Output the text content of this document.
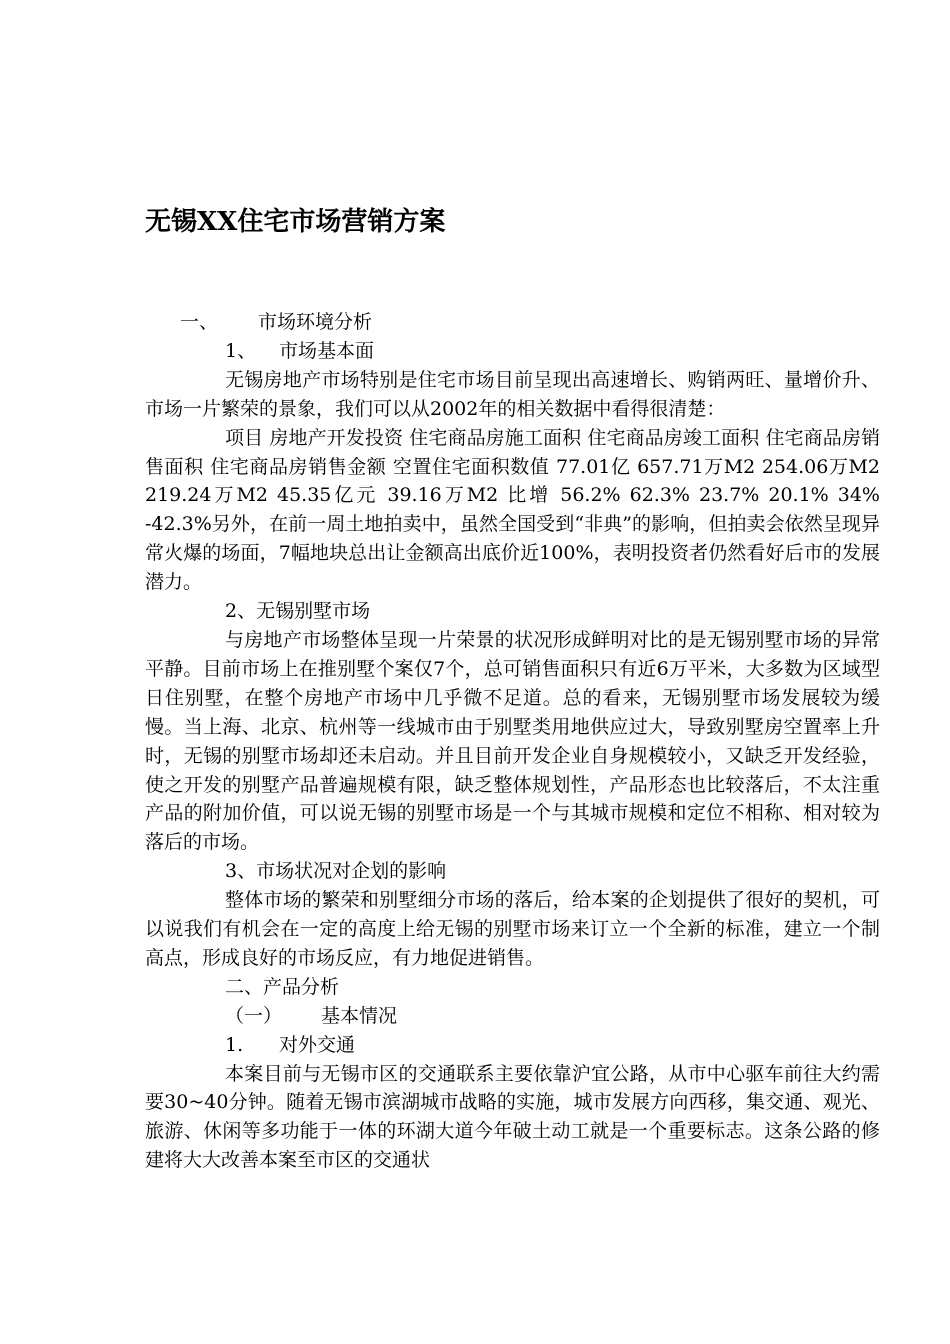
无锡XX住宅市场营销方案

一、 市场环境分析

1、 市场基本面

无锡房地产市场特别是住宅市场目前呈现出高速增长、购销两旺、量增价升、市场一片繁荣的景象，我们可以从2002年的相关数据中看得很清楚：

项目 房地产开发投资 住宅商品房施工面积 住宅商品房竣工面积 住宅商品房销售面积 住宅商品房销售金额 空置住宅面积数值 77.01亿 657.71万M2 254.06万M2 219.24万M2 45.35亿元 39.16万M2 比增 56.2% 62.3% 23.7% 20.1% 34% -42.3%另外，在前一周土地拍卖中，虽然全国受到“非典”的影响，但拍卖会依然呈现异常火爆的场面，7幅地块总出让金额高出底价近100%，表明投资者仍然看好后市的发展潜力。

2、无锡别墅市场

与房地产市场整体呈现一片荣景的状况形成鲜明对比的是无锡别墅市场的异常平静。目前市场上在推别墅个案仅7个，总可销售面积只有近6万平米，大多数为区域型日住别墅，在整个房地产市场中几乎微不足道。总的看来，无锡别墅市场发展较为缓慢。当上海、北京、杭州等一线城市由于别墅类用地供应过大，导致别墅房空置率上升时，无锡的别墅市场却还未启动。并且目前开发企业自身规模较小，又缺乏开发经验，使之开发的别墅产品普遍规模有限，缺乏整体规划性，产品形态也比较落后，不太注重产品的附加价值，可以说无锡的别墅市场是一个与其城市规模和定位不相称、相对较为落后的市场。

3、市场状况对企划的影响

整体市场的繁荣和别墅细分市场的落后，给本案的企划提供了很好的契机，可以说我们有机会在一定的高度上给无锡的别墅市场来订立一个全新的标准，建立一个制高点，形成良好的市场反应，有力地促进销售。

二、产品分析

（一） 基本情况

1. 对外交通

本案目前与无锡市区的交通联系主要依靠沪宜公路，从市中心驱车前往大约需要30~40分钟。随着无锡市滨湖城市战略的实施，城市发展方向西移，集交通、观光、旅游、休闲等多功能于一体的环湖大道今年破土动工就是一个重要标志。这条公路的修建将大大改善本案至市区的交通状
